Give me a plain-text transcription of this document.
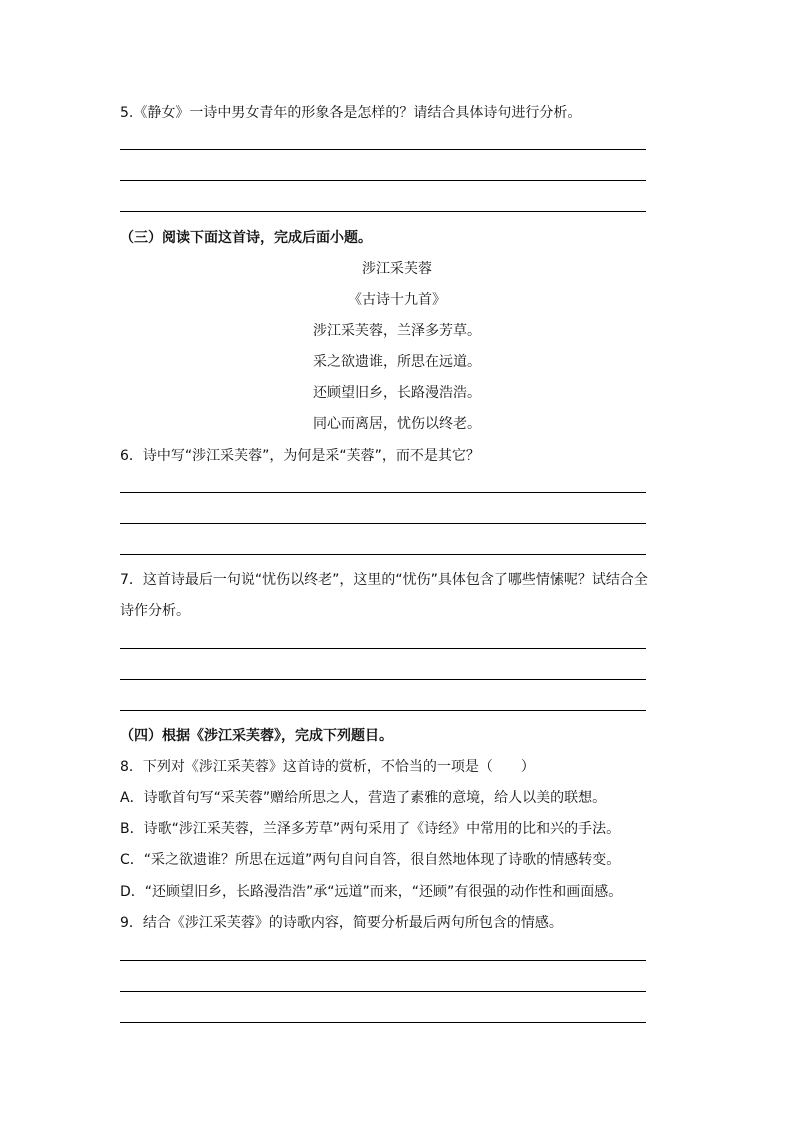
5.《静女》一诗中男女青年的形象各是怎样的？请结合具体诗句进行分析。
（三）阅读下面这首诗，完成后面小题。
涉江采芙蓉
《古诗十九首》
涉江采芙蓉，兰泽多芳草。
采之欲遗谁，所思在远道。
还顾望旧乡，长路漫浩浩。
同心而离居，忧伤以终老。
6．诗中写“涉江采芙蓉”，为何是采“芙蓉”，而不是其它？
7．这首诗最后一句说“忧伤以终老”，这里的“忧伤”具体包含了哪些情愫呢？试结合全
诗作分析。
（四）根据《涉江采芙蓉》，完成下列题目。
8．下列对《涉江采芙蓉》这首诗的赏析，不恰当的一项是（　　）
A．诗歌首句写“采芙蓉”赠给所思之人，营造了素雅的意境，给人以美的联想。
B．诗歌“涉江采芙蓉，兰泽多芳草”两句采用了《诗经》中常用的比和兴的手法。
C．“采之欲遗谁？所思在远道”两句自问自答，很自然地体现了诗歌的情感转变。
D．“还顾望旧乡，长路漫浩浩”承“远道”而来，“还顾”有很强的动作性和画面感。
9．结合《涉江采芙蓉》的诗歌内容，简要分析最后两句所包含的情感。
